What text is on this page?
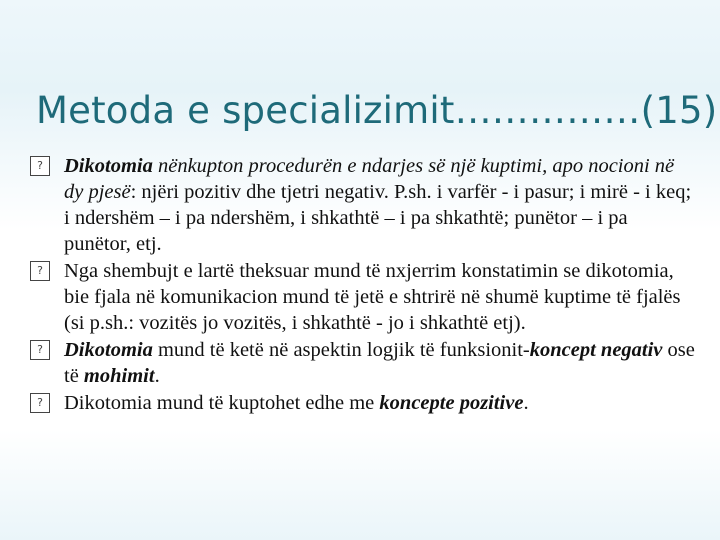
Metoda e specializimit……………(15)

?	Dikotomia nënkupton procedurën e ndarjes së një kuptimi, apo nocioni në dy pjesë: njëri pozitiv dhe tjetri negativ. P.sh. i varfër - i pasur; i mirë - i keq; i ndershëm – i pa ndershëm, i shkathtë – i pa shkathtë; punëtor – i pa punëtor, etj.

?	Nga shembujt e lartë theksuar mund të nxjerrim konstatimin se dikotomia, bie fjala në komunikacion mund të jetë e shtrirë në shumë kuptime të fjalës (si p.sh.: vozitës jo vozitës, i shkathtë - jo i shkathtë etj).

?	Dikotomia mund të ketë në aspektin logjik të funksionit-koncept negativ ose të mohimit.

?	Dikotomia mund të kuptohet edhe me koncepte pozitive.
